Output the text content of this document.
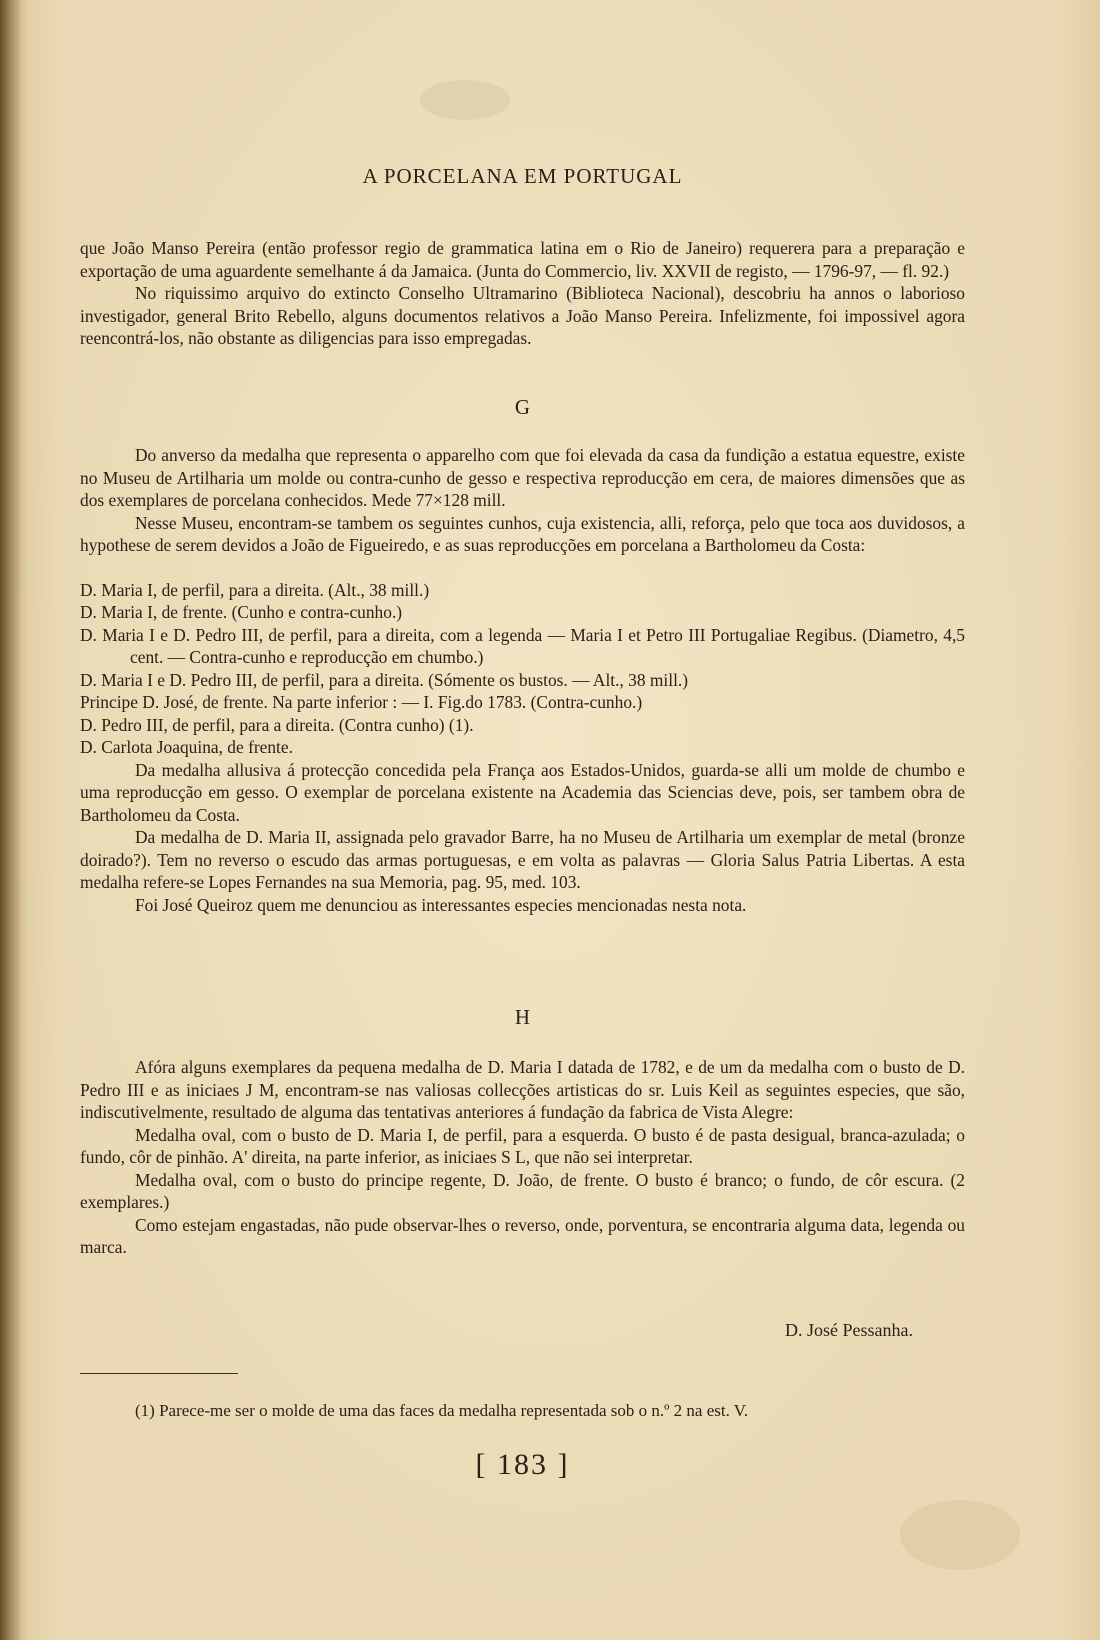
A PORCELANA EM PORTUGAL

que João Manso Pereira (então professor regio de grammatica latina em o Rio de Janeiro) requerera para a preparação e exportação de uma aguardente semelhante á da Jamaica. (Junta do Commercio, liv. XXVII de registo, — 1796-97, — fl. 92.)

No riquissimo arquivo do extincto Conselho Ultramarino (Biblioteca Nacional), descobriu ha annos o laborioso investigador, general Brito Rebello, alguns documentos relativos a João Manso Pereira. Infelizmente, foi impossivel agora reencontrá-los, não obstante as diligencias para isso empregadas.

G

Do anverso da medalha que representa o apparelho com que foi elevada da casa da fundição a estatua equestre, existe no Museu de Artilharia um molde ou contra-cunho de gesso e respectiva reproducção em cera, de maiores dimensões que as dos exemplares de porcelana conhecidos. Mede 77×128 mill.

Nesse Museu, encontram-se tambem os seguintes cunhos, cuja existencia, alli, reforça, pelo que toca aos duvidosos, a hypothese de serem devidos a João de Figueiredo, e as suas reproducções em porcelana a Bartholomeu da Costa:

D. Maria I, de perfil, para a direita. (Alt., 38 mill.)

D. Maria I, de frente. (Cunho e contra-cunho.)

D. Maria I e D. Pedro III, de perfil, para a direita, com a legenda — Maria I et Petro III Portugaliae Regibus. (Diametro, 4,5 cent. — Contra-cunho e reproducção em chumbo.)

D. Maria I e D. Pedro III, de perfil, para a direita. (Sómente os bustos. — Alt., 38 mill.)

Principe D. José, de frente. Na parte inferior : — I. Fig.do 1783. (Contra-cunho.)

D. Pedro III, de perfil, para a direita. (Contra cunho) (1).

D. Carlota Joaquina, de frente.

Da medalha allusiva á protecção concedida pela França aos Estados-Unidos, guarda-se alli um molde de chumbo e uma reproducção em gesso. O exemplar de porcelana existente na Academia das Sciencias deve, pois, ser tambem obra de Bartholomeu da Costa.

Da medalha de D. Maria II, assignada pelo gravador Barre, ha no Museu de Artilharia um exemplar de metal (bronze doirado?). Tem no reverso o escudo das armas portuguesas, e em volta as palavras — Gloria Salus Patria Libertas. A esta medalha refere-se Lopes Fernandes na sua Memoria, pag. 95, med. 103.

Foi José Queiroz quem me denunciou as interessantes especies mencionadas nesta nota.

H

Afóra alguns exemplares da pequena medalha de D. Maria I datada de 1782, e de um da medalha com o busto de D. Pedro III e as iniciaes J M, encontram-se nas valiosas collecções artisticas do sr. Luis Keil as seguintes especies, que são, indiscutivelmente, resultado de alguma das tentativas anteriores á fundação da fabrica de Vista Alegre:

Medalha oval, com o busto de D. Maria I, de perfil, para a esquerda. O busto é de pasta desigual, branca-azulada; o fundo, côr de pinhão. A' direita, na parte inferior, as iniciaes S L, que não sei interpretar.

Medalha oval, com o busto do principe regente, D. João, de frente. O busto é branco; o fundo, de côr escura. (2 exemplares.)

Como estejam engastadas, não pude observar-lhes o reverso, onde, porventura, se encontraria alguma data, legenda ou marca.

D. José Pessanha.
(1) Parece-me ser o molde de uma das faces da medalha representada sob o n.º 2 na est. V.
[ 183 ]
